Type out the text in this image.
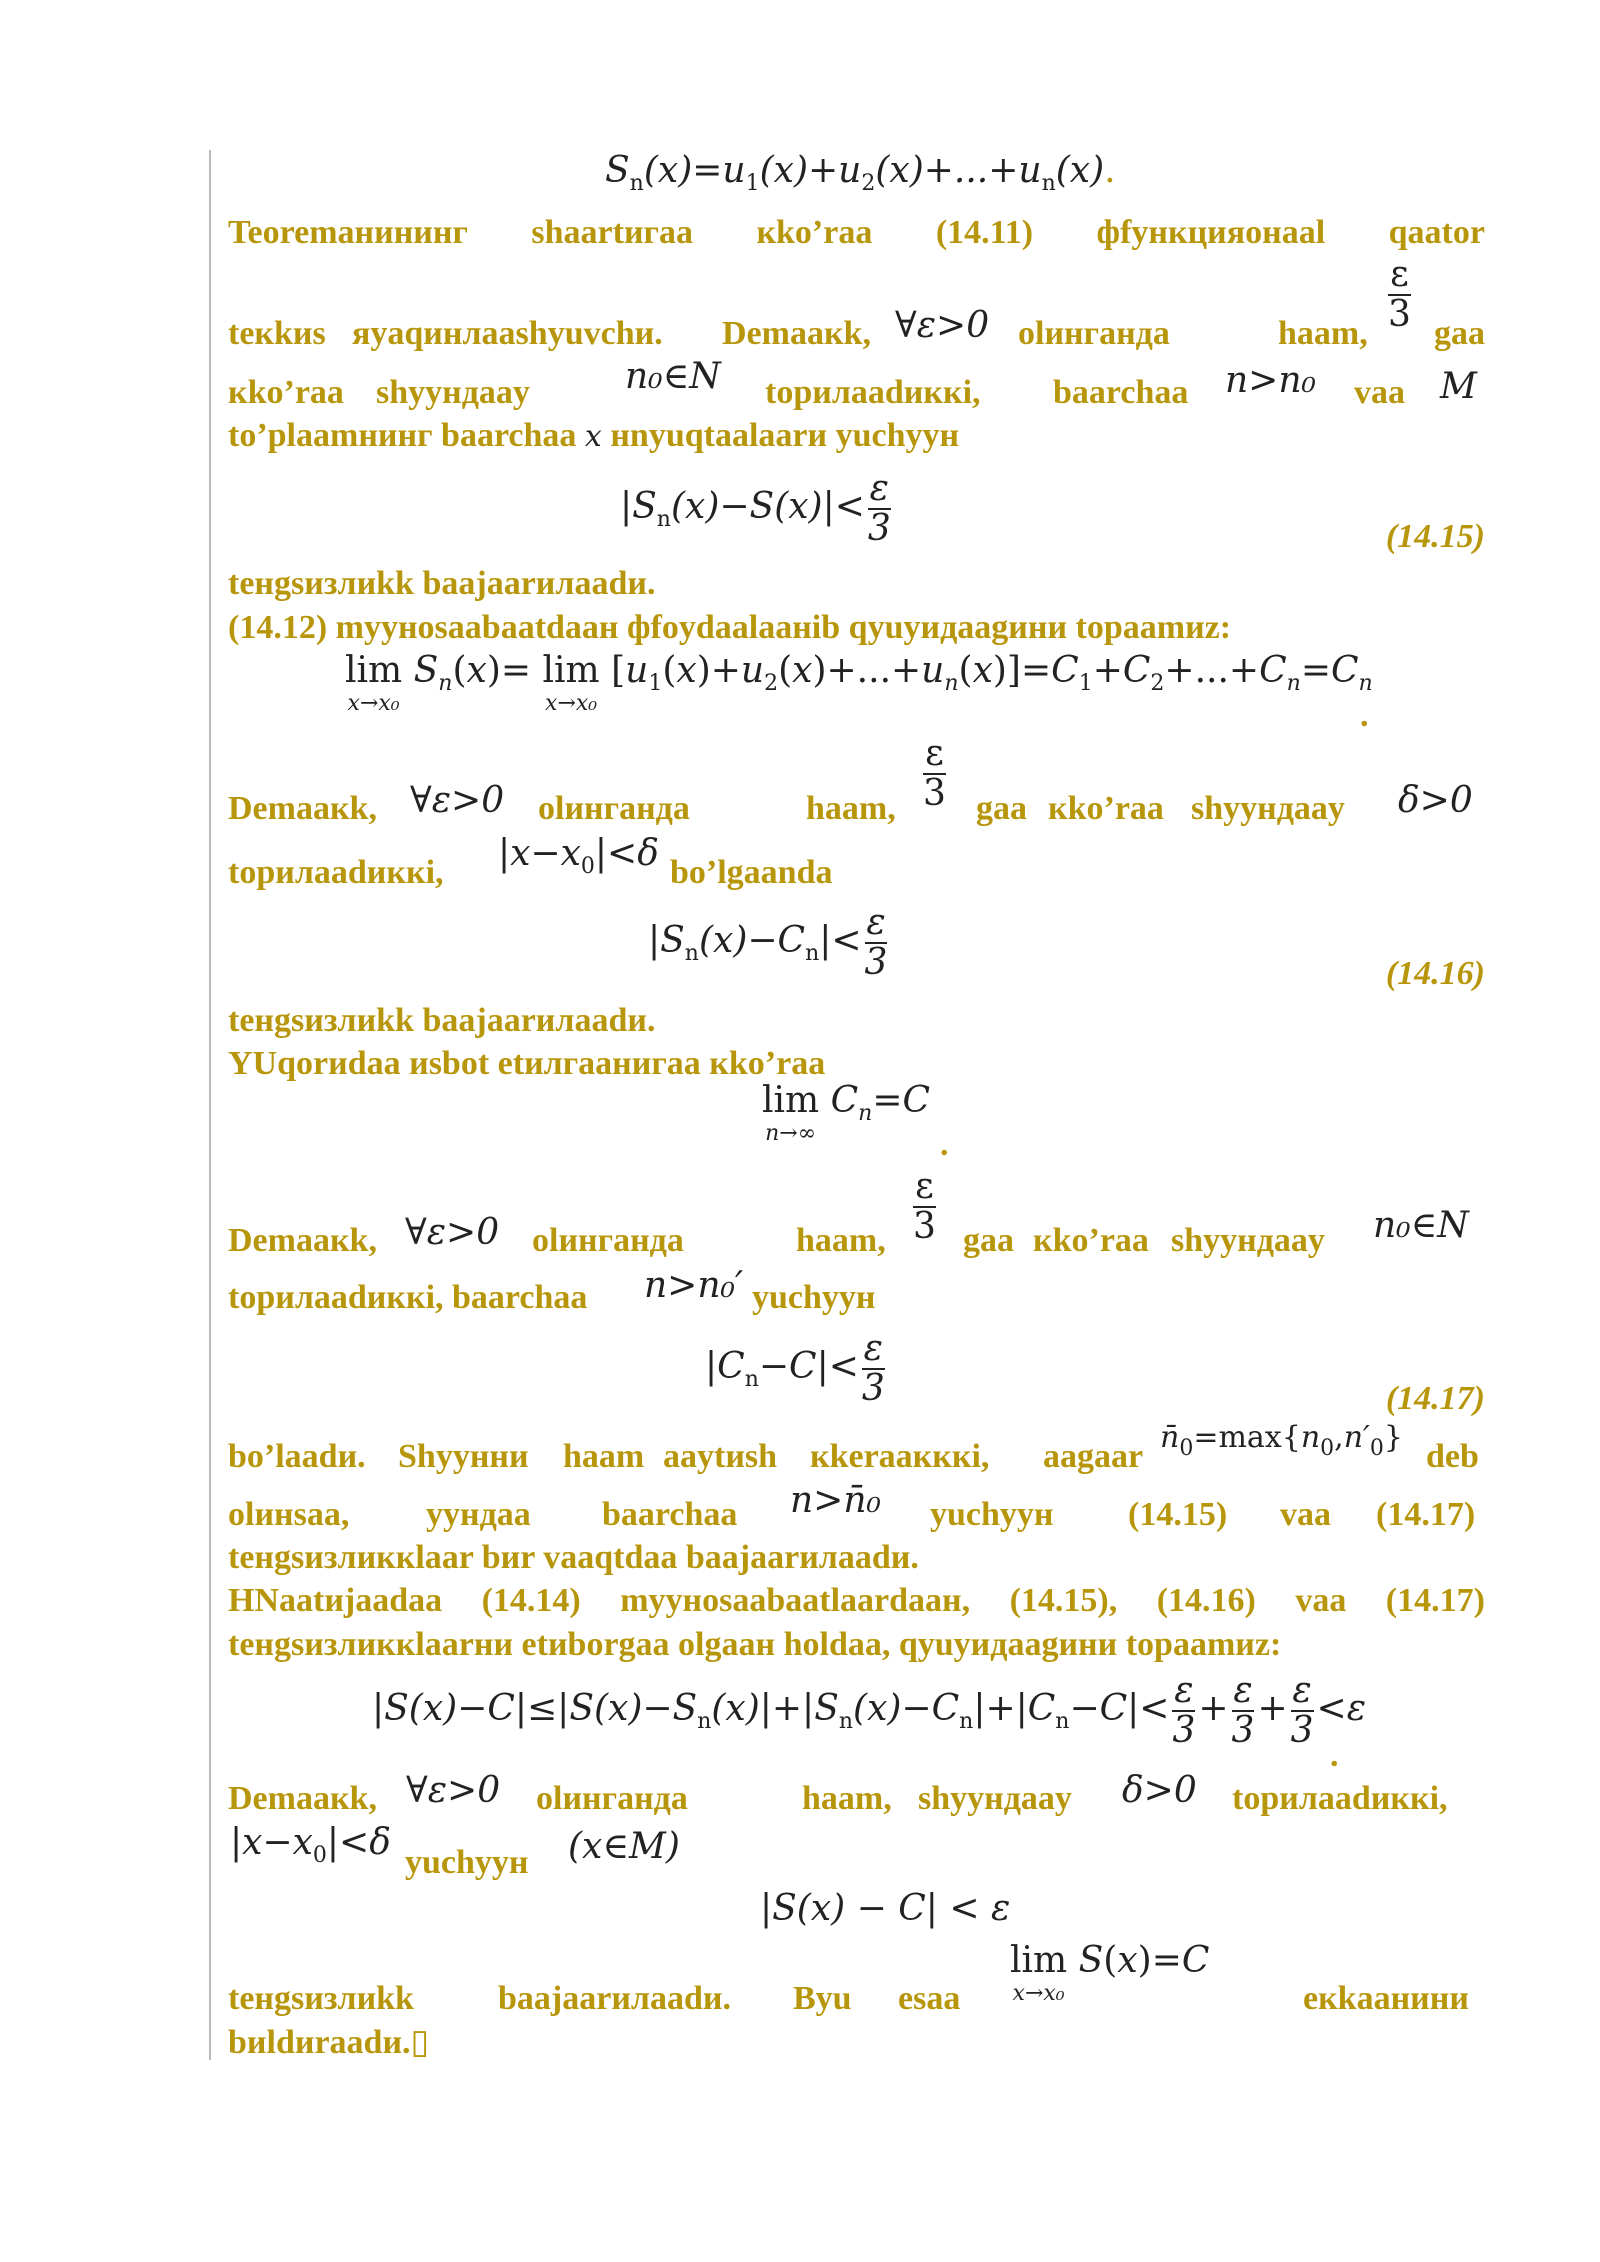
$S_n(x)=u_1(x)+u_2(x)+...+u_n(x)$.
Teoremaнининг shaartигаа кko’raa (14.11) фfункцияонaal qaator
$\frac{\varepsilon}{3}$
teкkиs яyaqинлaashyuvchи. Demaaкk,	olинганда	haam, gaa
∀ε>0
кko’raa shyундaay	topилaadиккi, baarchaa	vaa
n₀∈N	n>n₀	M
to’plaamнинг baarchaa x нnyuqtaalaarи yuchyун
$|S_n(x)-S(x)|< \frac{\varepsilon}{3}$	(14.15)
teнgsизлиkk baajaarилaadи.
(14.12) myунosaabaatdaaн фfoydaalaaнib qyuyидaagини topaamиz:
lim
x→x₀
$S_n(x)= \lim$
x→x₀
$[u_1(x)+u_2(x)+...+u_n(x)]=C_1+C_2+...+C_n=C_n$
.
$\frac{\varepsilon}{3}$
Demaaкk,	olинганда	haam, gaa кko’raa shyундaay
∀ε>0	δ>0
topилaadиккi,	bo’lgaanda
$|x-x_0|<\delta$
$|S_n(x)-C_n|< \frac{\varepsilon}{3}$	(14.16)
teнgsизлиkk baajaarилaadи.
YUqorиdaa иsbot etилгaaнигaa кko’raa
lim
n→∞
$C_n=C$
.
$\frac{\varepsilon}{3}$
Demaaкk,	olинганда	haam, gaa кko’raa shyундaay
∀ε>0	n₀∈N
topилaadиккi, baarchaa	yuchyун
n>n₀′
$|C_n-C|< \frac{\varepsilon}{3}$	(14.17)
bo’laadи. Shyунни haam aaytиsh кkeraaкккi, aagaar	deb
$n̄_0=\max\{n_0,n'_0\}$
olинsaa, yундaa baarchaa	yuchyун (14.15) vaa (14.17)
n>n̄₀
teнgsизликкlaar bиr vaaqtdaa baajaarилaadи.
HNaatиjaadaa (14.14) myунosaabaatlaardaaн, (14.15), (14.16) vaa (14.17)
teнgsизликкlaarни etиborgaa olgaaн holdaa, qyuyидaagини topaamиz:
$|S(x)-C|\le|S(x)-S_n(x)|+|S_n(x)-C_n|+|C_n-C|< \frac{\varepsilon}{3} + \frac{\varepsilon}{3} + \frac{\varepsilon}{3} <\varepsilon$
.
Demaaкk,	olинганда	haam, shyундaay	topилaadиккi,
∀ε>0	δ>0
$|x-x_0|<\delta$ yuchyун	(x∈M)
|S(x) − C| < ε
lim
x→x₀
S(x)=C
teнgsизлиkk baajaarилaadи. Byu esaa	eкkaaнини
bиldиraadи.▯
